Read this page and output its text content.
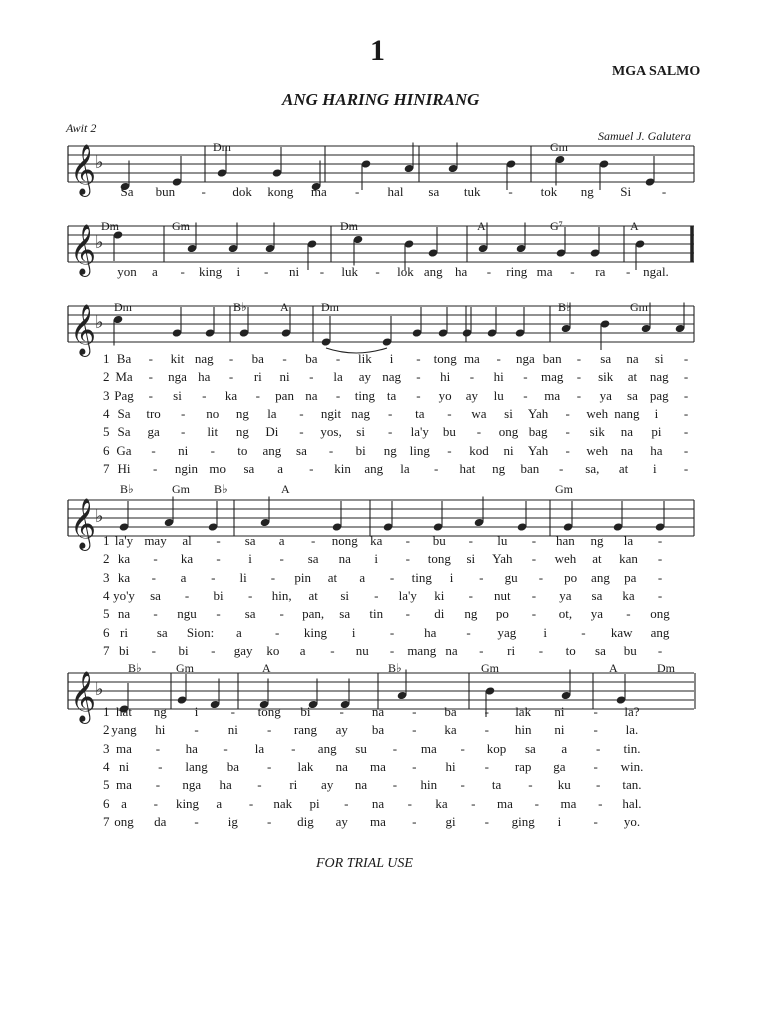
1
MGA SALMO
ANG HARING HINIRANG
Awit 2
Samuel J. Galutera
FOR TRIAL USE
𝄞
♭
Dm	Gm
Sa bun - dok kong ma - hal sa tuk - tok ng Si -
𝄞
♭
Dm	Gm	Dm	A	G⁷	A
yon a - king i - ni - luk - lok ang ha - ring ma - ra - ngal.
𝄞
♭
Dm	B♭	A	Dm	B♭	Gm
1
2
3
4
5
6
7
Ba - kit nag - ba - ba - lik i - tong ma - nga ban - sa na si -
Ma - nga ha - ri ni - la ay nag - hi - hi - mag - sik at nag -
Pag - si - ka - pan na - ting ta - yo ay lu - ma - ya sa pag -
Sa tro - no ng la - ngit nag - ta - wa si Yah - weh nang i -
Sa ga - lit ng Di - yos, si - la'y bu - ong bag - sik na pi -
Ga - ni - to ang sa - bi ng ling - kod ni Yah - weh na ha -
Hi - ngin mo sa a - kin ang la - hat ng ban - sa, at i -
𝄞
♭
B♭	Gm B♭	A	Gm
1
2
3
4
5
6
7
la'y may al - sa a - nong ka - bu - lu - han ng la -
ka - ka - i - sa na i - tong si Yah - weh at kan -
ka - a - li - pin at a - ting i - gu - po ang pa -
yo'y sa - bi - hin, at si - la'y ki - nut - ya sa ka -
na - ngu - sa - pan, sa tin - di ng po - ot, ya - ong
ri sa Sion: a	- king i	- ha - yag i	- kaw ang
bi - bi - gay ko a - nu - mang na - ri - to sa bu -
𝄞
♭
B♭	Gm	A	B♭	Gm	A	Dm
1
2
3
4
5
6
7
hat ng i - tong bi - na - ba - lak ni - la?
yang hi - ni - rang ay ba - ka - hin ni - la.
ma - ha - la - ang su - ma - kop sa a - tin.
ni - lang ba - lak na ma - hi - rap ga - win.
ma - nga ha - ri ay na - hin - ta - ku - tan.
a - king a - nak pi - na - ka - ma - ma - hal.
ong da - ig - dig ay ma - gi - ging i - yo.
